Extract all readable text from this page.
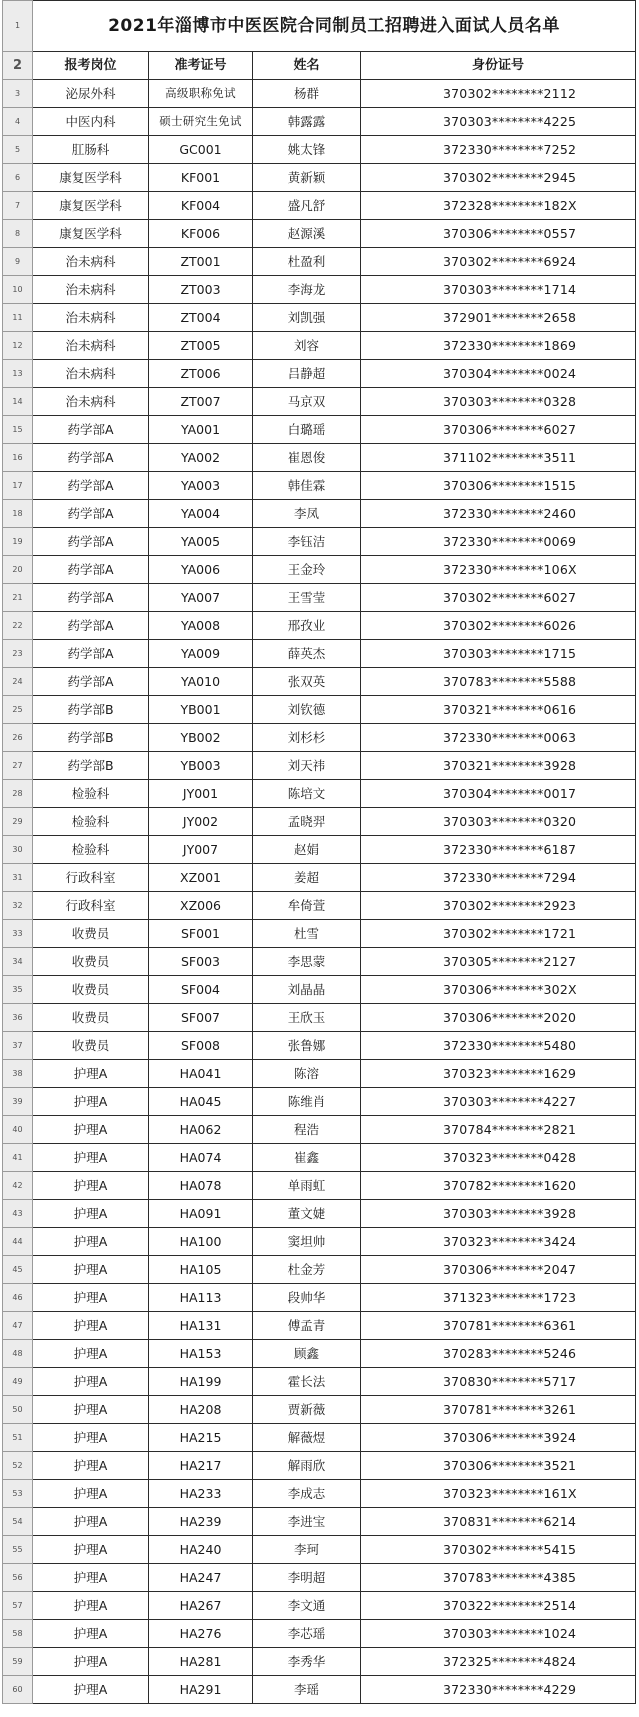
1	2021年淄博市中医医院合同制员工招聘进入面试人员名单			
2	报考岗位	准考证号	姓名	身份证号
3	泌尿外科	高级职称免试	杨群	370302********2112
4	中医内科	硕士研究生免试	韩露露	370303********4225
5	肛肠科	GC001	姚太锋	372330********7252
6	康复医学科	KF001	黄新颖	370302********2945
7	康复医学科	KF004	盛凡舒	372328********182X
8	康复医学科	KF006	赵源溪	370306********0557
9	治未病科	ZT001	杜盈利	370302********6924
10	治未病科	ZT003	李海龙	370303********1714
11	治未病科	ZT004	刘凯强	372901********2658
12	治未病科	ZT005	刘容	372330********1869
13	治未病科	ZT006	吕静超	370304********0024
14	治未病科	ZT007	马京双	370303********0328
15	药学部A	YA001	白璐瑶	370306********6027
16	药学部A	YA002	崔恩俊	371102********3511
17	药学部A	YA003	韩佳霖	370306********1515
18	药学部A	YA004	李凤	372330********2460
19	药学部A	YA005	李钰洁	372330********0069
20	药学部A	YA006	王金玲	372330********106X
21	药学部A	YA007	王雪莹	370302********6027
22	药学部A	YA008	邢孜业	370302********6026
23	药学部A	YA009	薛英杰	370303********1715
24	药学部A	YA010	张双英	370783********5588
25	药学部B	YB001	刘钦德	370321********0616
26	药学部B	YB002	刘杉杉	372330********0063
27	药学部B	YB003	刘天祎	370321********3928
28	检验科	JY001	陈培文	370304********0017
29	检验科	JY002	孟晓羿	370303********0320
30	检验科	JY007	赵娟	372330********6187
31	行政科室	XZ001	姜超	372330********7294
32	行政科室	XZ006	牟倚萱	370302********2923
33	收费员	SF001	杜雪	370302********1721
34	收费员	SF003	李思蒙	370305********2127
35	收费员	SF004	刘晶晶	370306********302X
36	收费员	SF007	王欣玉	370306********2020
37	收费员	SF008	张鲁娜	372330********5480
38	护理A	HA041	陈溶	370323********1629
39	护理A	HA045	陈维肖	370303********4227
40	护理A	HA062	程浩	370784********2821
41	护理A	HA074	崔鑫	370323********0428
42	护理A	HA078	单雨虹	370782********1620
43	护理A	HA091	董文婕	370303********3928
44	护理A	HA100	窦坦帅	370323********3424
45	护理A	HA105	杜金芳	370306********2047
46	护理A	HA113	段帅华	371323********1723
47	护理A	HA131	傅孟青	370781********6361
48	护理A	HA153	顾鑫	370283********5246
49	护理A	HA199	霍长法	370830********5717
50	护理A	HA208	贾新薇	370781********3261
51	护理A	HA215	解薇煜	370306********3924
52	护理A	HA217	解雨欣	370306********3521
53	护理A	HA233	李成志	370323********161X
54	护理A	HA239	李进宝	370831********6214
55	护理A	HA240	李珂	370302********5415
56	护理A	HA247	李明超	370783********4385
57	护理A	HA267	李文通	370322********2514
58	护理A	HA276	李芯瑶	370303********1024
59	护理A	HA281	李秀华	372325********4824
60	护理A	HA291	李瑶	372330********4229
